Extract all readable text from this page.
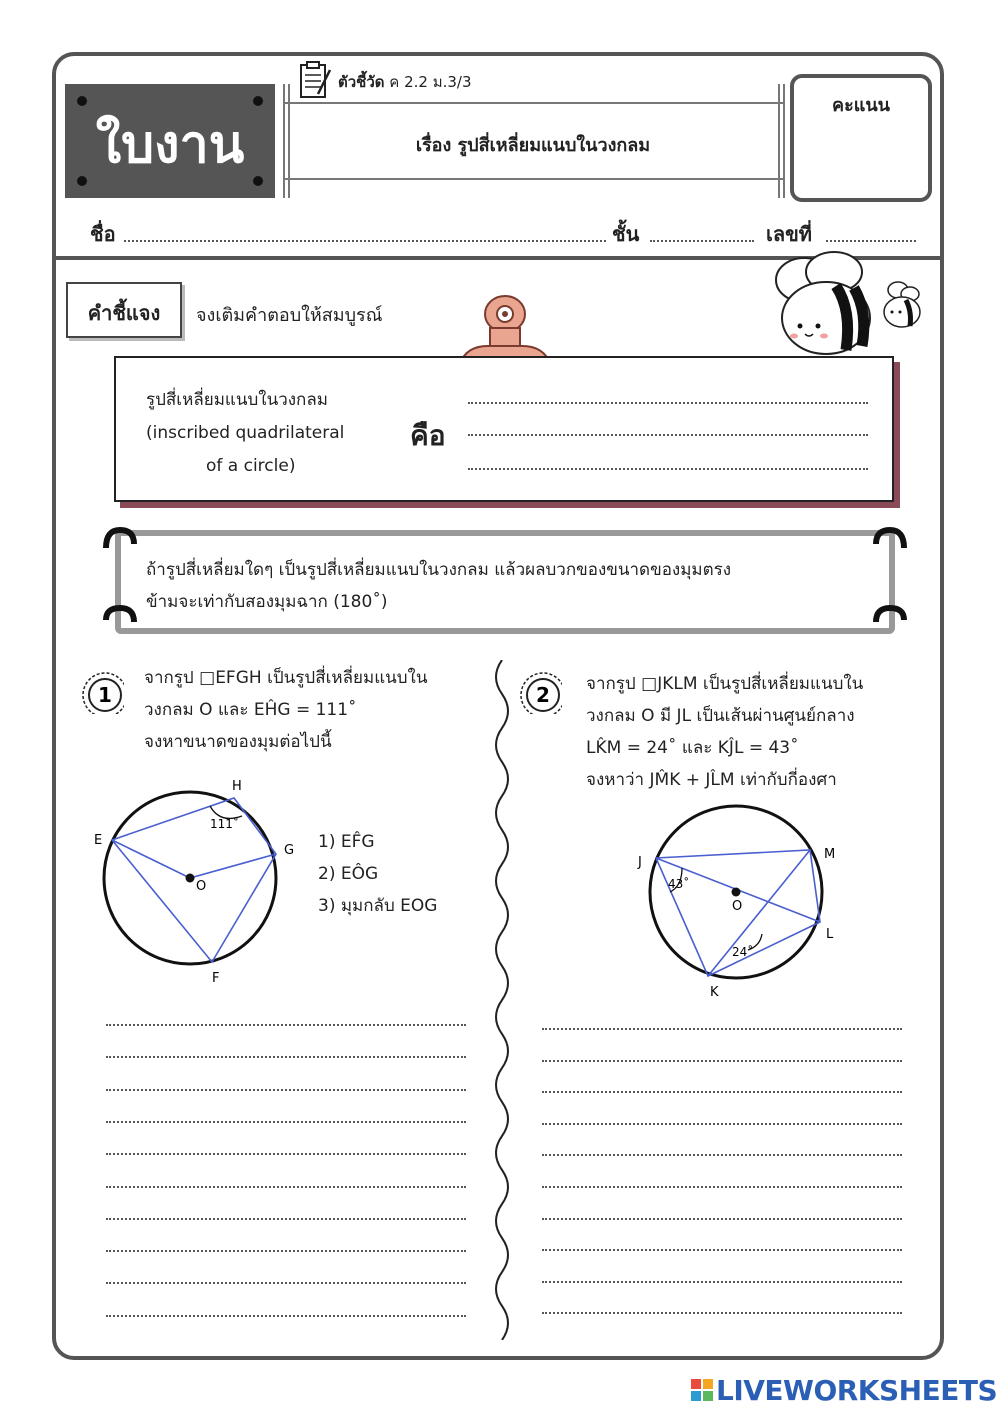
ใบงาน
ตัวชี้วัด ค 2.2 ม.3/3
เรื่อง รูปสี่เหลี่ยมแนบในวงกลม
คะแนน
ชื่อ	ชั้น	เลขที่
คำชี้แจง	จงเติมคำตอบให้สมบูรณ์
รูปสี่เหลี่ยมแนบในวงกลม
(inscribed quadrilateral
of a circle)
คือ
ถ้ารูปสี่เหลี่ยมใดๆ เป็นรูปสี่เหลี่ยมแนบในวงกลม แล้วผลบวกของขนาดของมุมตรง
ข้ามจะเท่ากับสองมุมฉาก (180˚)
1
จากรูป □EFGH เป็นรูปสี่เหลี่ยมแนบใน
วงกลม O และ EĤG = 111˚
จงหาขนาดของมุมต่อไปนี้
111˚
E
H
G
F
O
1) EF̂G
2) EÔG
3) มุมกลับ EOG
2 จากรูป □JKLM เป็นรูปสี่เหลี่ยมแนบใน
วงกลม O มี JL เป็นเส้นผ่านศูนย์กลาง
LK̂M = 24˚ และ KĴL = 43˚
จงหาว่า JM̂K + JL̂M เท่ากับกี่องศา
43˚
24˚
J
M
L
K
O
LIVEWORKSHEETS
